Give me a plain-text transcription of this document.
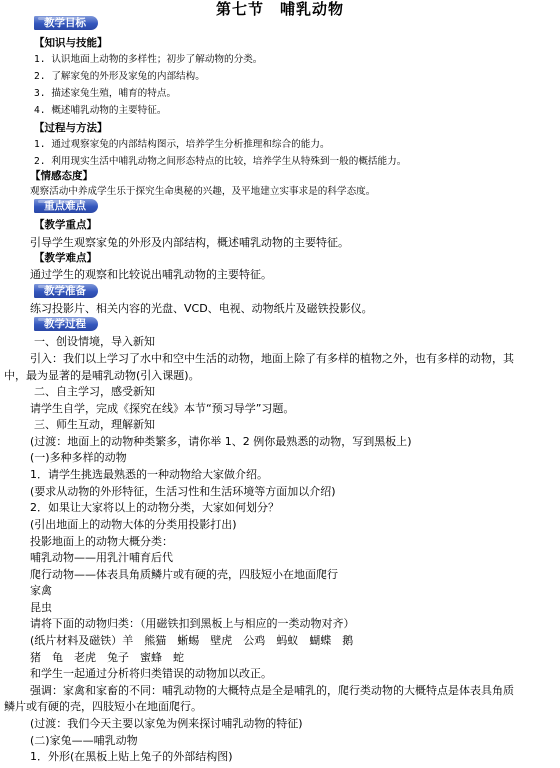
第七节　哺乳动物
教学目标
【知识与技能】
1. 认识地面上动物的多样性；初步了解动物的分类。
2. 了解家兔的外形及家兔的内部结构。
3. 描述家兔生殖，哺育的特点。
4. 概述哺乳动物的主要特征。
【过程与方法】
1. 通过观察家兔的内部结构图示，培养学生分析推理和综合的能力。
2. 利用现实生活中哺乳动物之间形态特点的比较，培养学生从特殊到一般的概括能力。
【情感态度】
观察活动中养成学生乐于探究生命奥秘的兴趣，及平地建立实事求是的科学态度。
重点难点
【教学重点】
引导学生观察家兔的外形及内部结构，概述哺乳动物的主要特征。
【教学难点】
通过学生的观察和比较说出哺乳动物的主要特征。
教学准备
练习投影片、相关内容的光盘、VCD、电视、动物纸片及磁铁投影仪。
教学过程
一、创设情境，导入新知
引入：我们以上学习了水中和空中生活的动物，地面上除了有多样的植物之外，也有多样的动物，其
中，最为显著的是哺乳动物(引入课题)。
二、自主学习，感受新知
请学生自学，完成《探究在线》本节“预习导学”习题。
三、师生互动，理解新知
(过渡：地面上的动物种类繁多，请你举 1、2 例你最熟悉的动物，写到黑板上)
(一)多种多样的动物
1．请学生挑选最熟悉的一种动物给大家做介绍。
(要求从动物的外形特征，生活习性和生活环境等方面加以介绍)
2．如果让大家将以上的动物分类，大家如何划分？
(引出地面上的动物大体的分类用投影打出)
投影地面上的动物大概分类：
哺乳动物——用乳汁哺育后代
爬行动物——体表具角质鳞片或有硬的壳，四肢短小在地面爬行
家禽
昆虫
请将下面的动物归类：（用磁铁扣到黑板上与相应的一类动物对齐）
(纸片材料及磁铁）羊　熊猫　蜥蜴　壁虎　公鸡　蚂蚁　蝴蝶　鹅
猪　龟　老虎　兔子　蜜蜂　蛇
和学生一起通过分析将归类错误的动物加以改正。
强调：家禽和家畜的不同：哺乳动物的大概特点是全是哺乳的，爬行类动物的大概特点是体表具角质
鳞片或有硬的壳，四肢短小在地面爬行。
(过渡：我们今天主要以家兔为例来探讨哺乳动物的特征)
(二)家兔——哺乳动物
1．外形(在黑板上贴上兔子的外部结构图)
